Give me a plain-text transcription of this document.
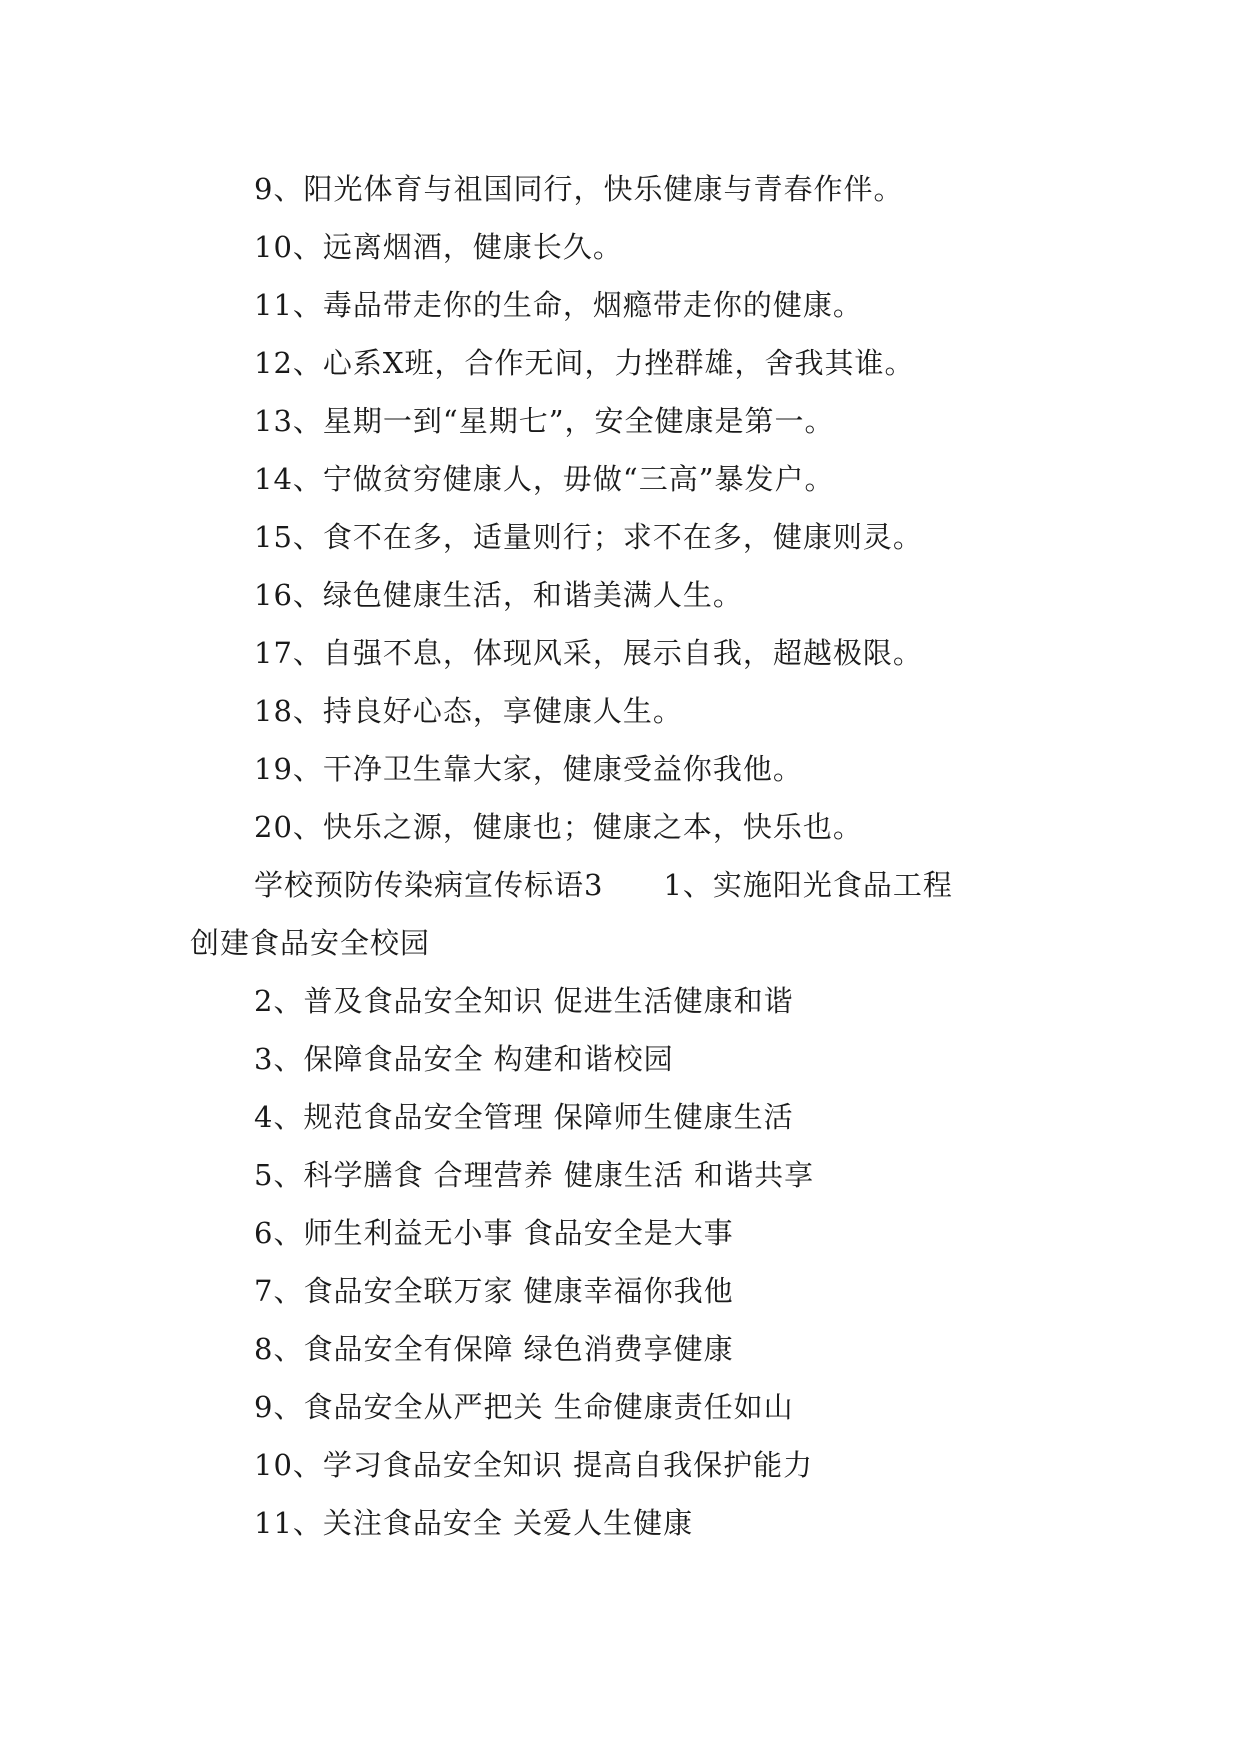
9、阳光体育与祖国同行，快乐健康与青春作伴。
10、远离烟酒，健康长久。
11、毒品带走你的生命，烟瘾带走你的健康。
12、心系X班，合作无间，力挫群雄，舍我其谁。
13、星期一到“星期七”，安全健康是第一。
14、宁做贫穷健康人，毋做“三高”暴发户。
15、食不在多，适量则行；求不在多，健康则灵。
16、绿色健康生活，和谐美满人生。
17、自强不息，体现风采，展示自我，超越极限。
18、持良好心态，享健康人生。
19、干净卫生靠大家，健康受益你我他。
20、快乐之源，健康也；健康之本，快乐也。
学校预防传染病宣传标语3 1、实施阳光食品工程
创建食品安全校园
2、普及食品安全知识 促进生活健康和谐
3、保障食品安全 构建和谐校园
4、规范食品安全管理 保障师生健康生活
5、科学膳食 合理营养 健康生活 和谐共享
6、师生利益无小事 食品安全是大事
7、食品安全联万家 健康幸福你我他
8、食品安全有保障 绿色消费享健康
9、食品安全从严把关 生命健康责任如山
10、学习食品安全知识 提高自我保护能力
11、关注食品安全 关爱人生健康
